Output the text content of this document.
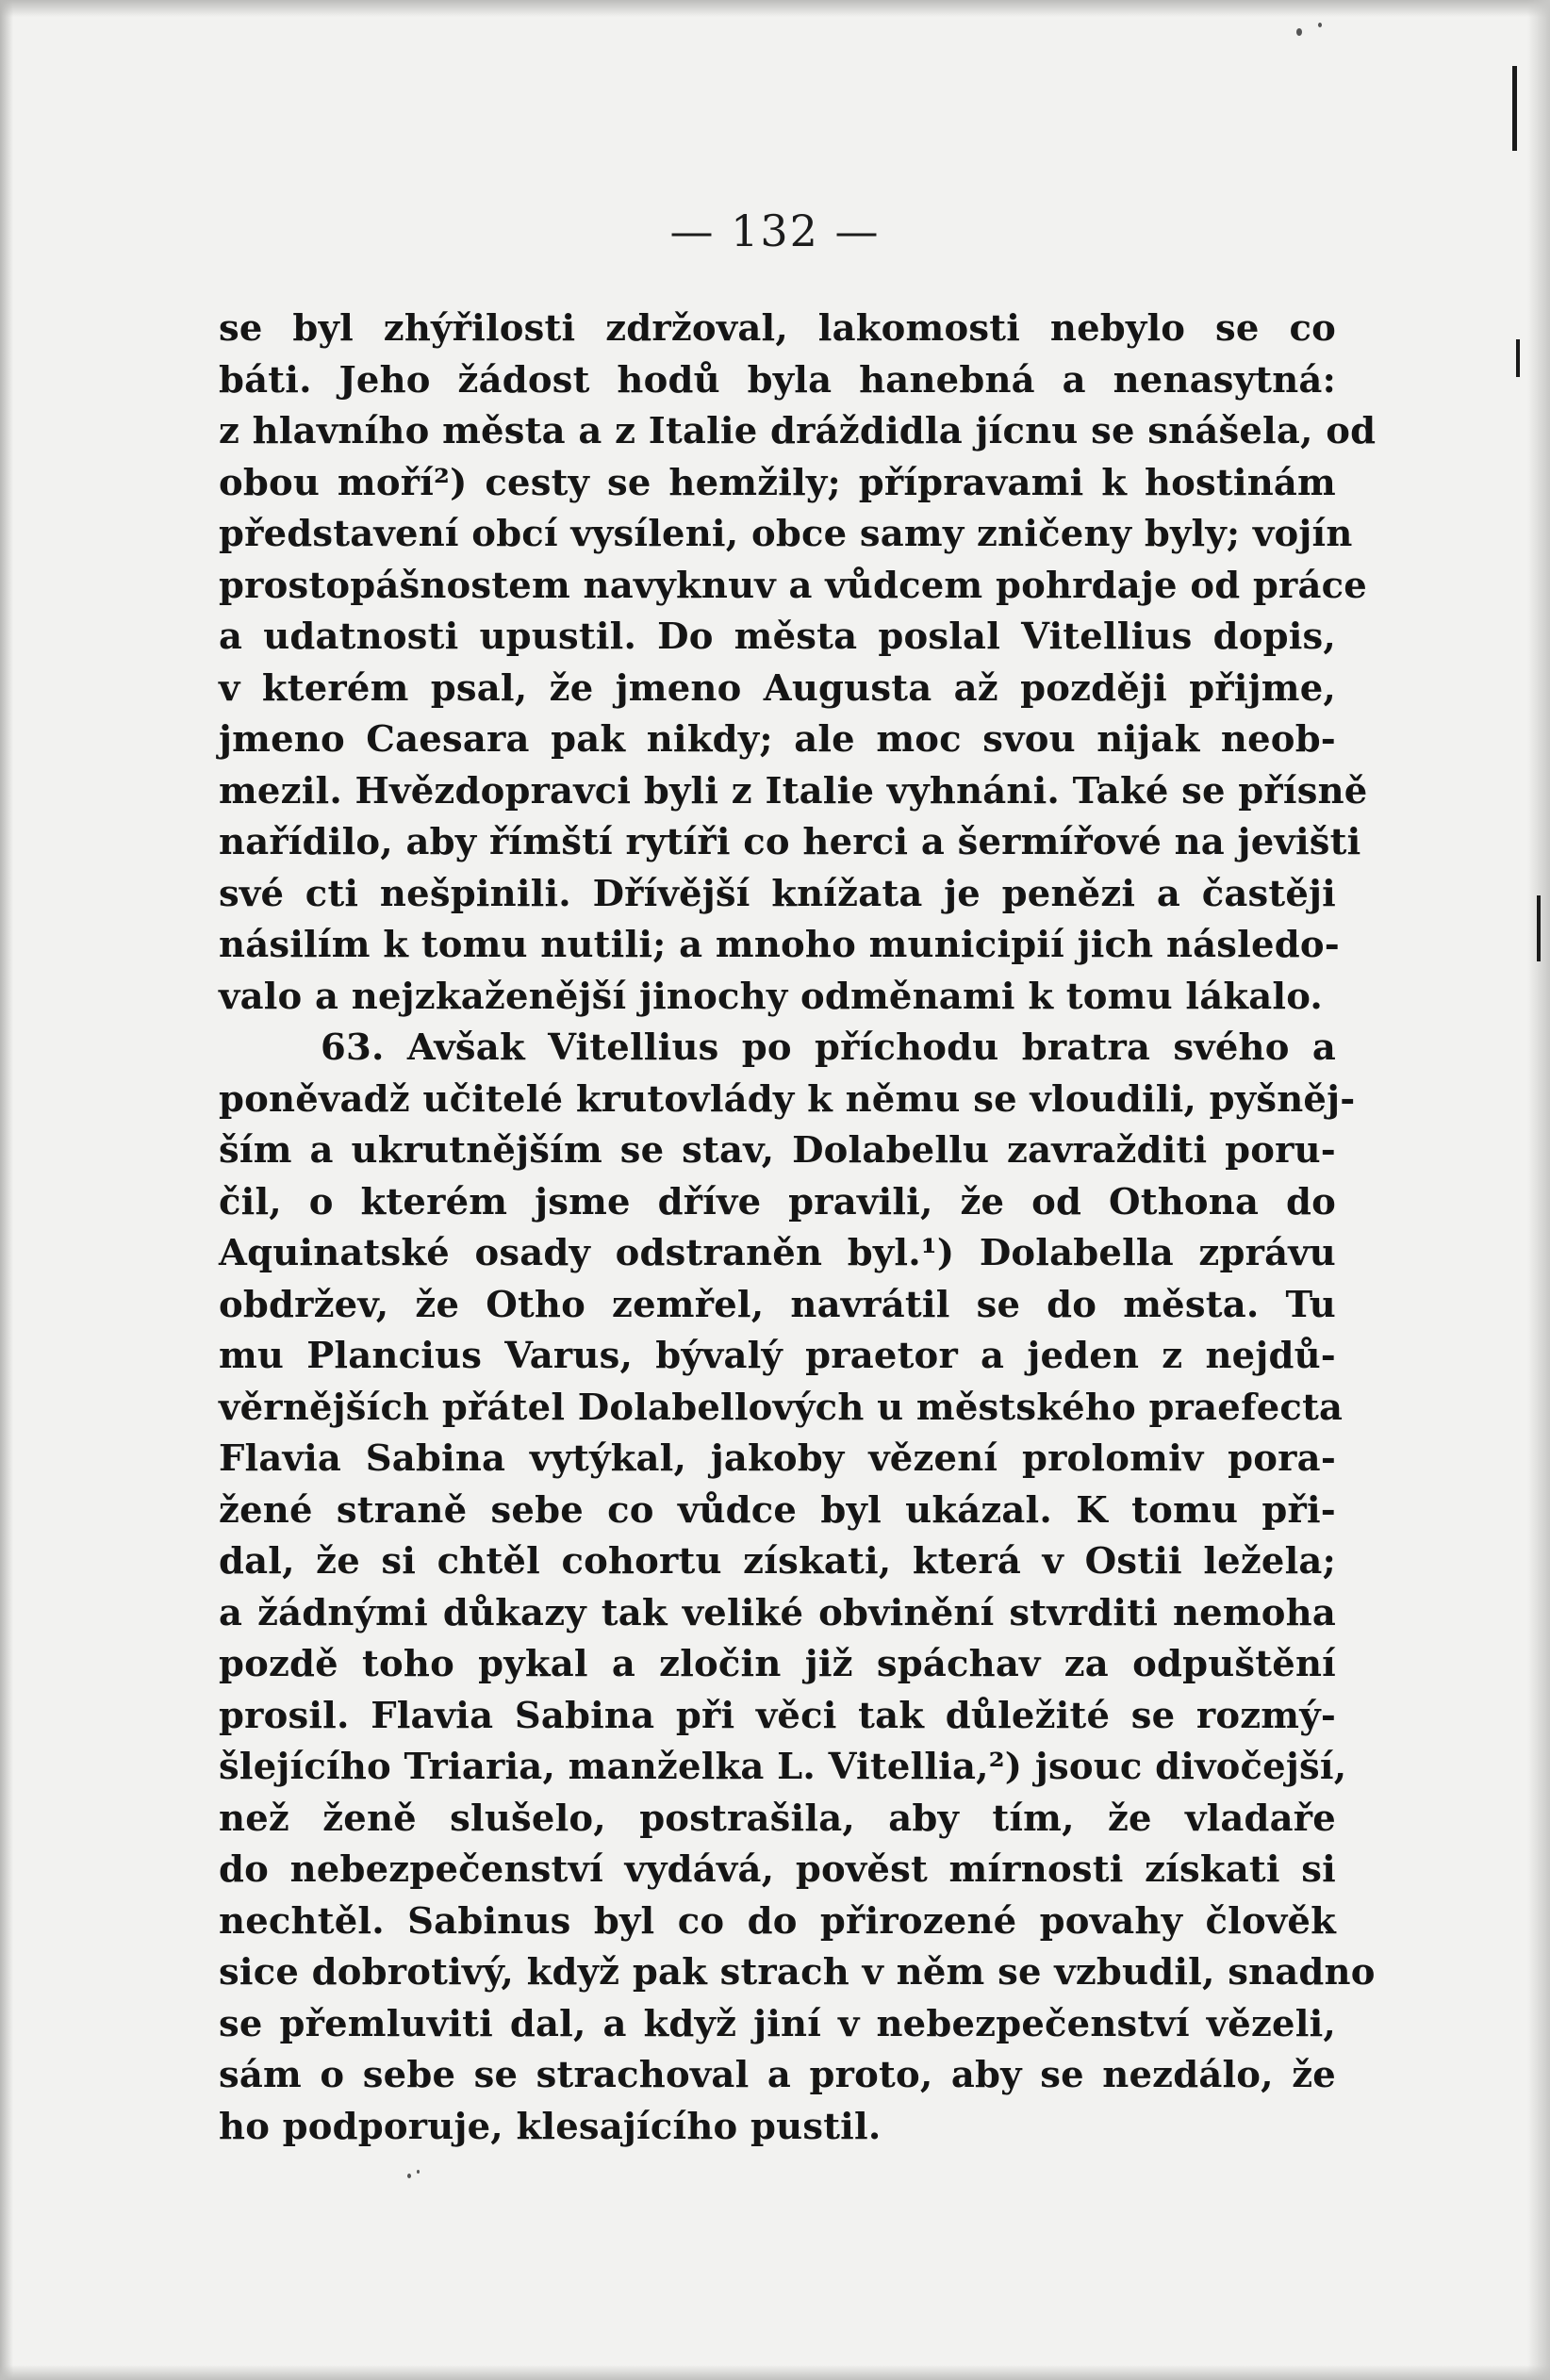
— 132 —
se byl zhýřilosti zdržoval, lakomosti nebylo se co
báti. Jeho žádost hodů byla hanebná a nenasytná:
z hlavního města a z Italie dráždidla jícnu se snášela, od
obou moří²) cesty se hemžily; přípravami k hostinám
představení obcí vysíleni, obce samy zničeny byly; vojín
prostopášnostem navyknuv a vůdcem pohrdaje od práce
a udatnosti upustil. Do města poslal Vitellius dopis,
v kterém psal, že jmeno Augusta až později přijme,
jmeno Caesara pak nikdy; ale moc svou nijak neob-
mezil. Hvězdopravci byli z Italie vyhnáni. Také se přísně
nařídilo, aby římští rytíři co herci a šermířové na jevišti
své cti nešpinili. Dřívější knížata je penězi a častěji
násilím k tomu nutili; a mnoho municipií jich následo-
valo a nejzkaženější jinochy odměnami k tomu lákalo.
63. Avšak Vitellius po příchodu bratra svého a
poněvadž učitelé krutovlády k němu se vloudili, pyšněj-
ším a ukrutnějším se stav, Dolabellu zavražditi poru-
čil, o kterém jsme dříve pravili, že od Othona do
Aquinatské osady odstraněn byl.¹) Dolabella zprávu
obdržev, že Otho zemřel, navrátil se do města. Tu
mu Plancius Varus, bývalý praetor a jeden z nejdů-
věrnějších přátel Dolabellových u městského praefecta
Flavia Sabina vytýkal, jakoby vězení prolomiv pora-
žené straně sebe co vůdce byl ukázal. K tomu při-
dal, že si chtěl cohortu získati, která v Ostii ležela;
a žádnými důkazy tak veliké obvinění stvrditi nemoha
pozdě toho pykal a zločin již spáchav za odpuštění
prosil. Flavia Sabina při věci tak důležité se rozmý-
šlejícího Triaria, manželka L. Vitellia,²) jsouc divočejší,
než ženě slušelo, postrašila, aby tím, že vladaře
do nebezpečenství vydává, pověst mírnosti získati si
nechtěl. Sabinus byl co do přirozené povahy člověk
sice dobrotivý, když pak strach v něm se vzbudil, snadno
se přemluviti dal, a když jiní v nebezpečenství vězeli,
sám o sebe se strachoval a proto, aby se nezdálo, že
ho podporuje, klesajícího pustil.
